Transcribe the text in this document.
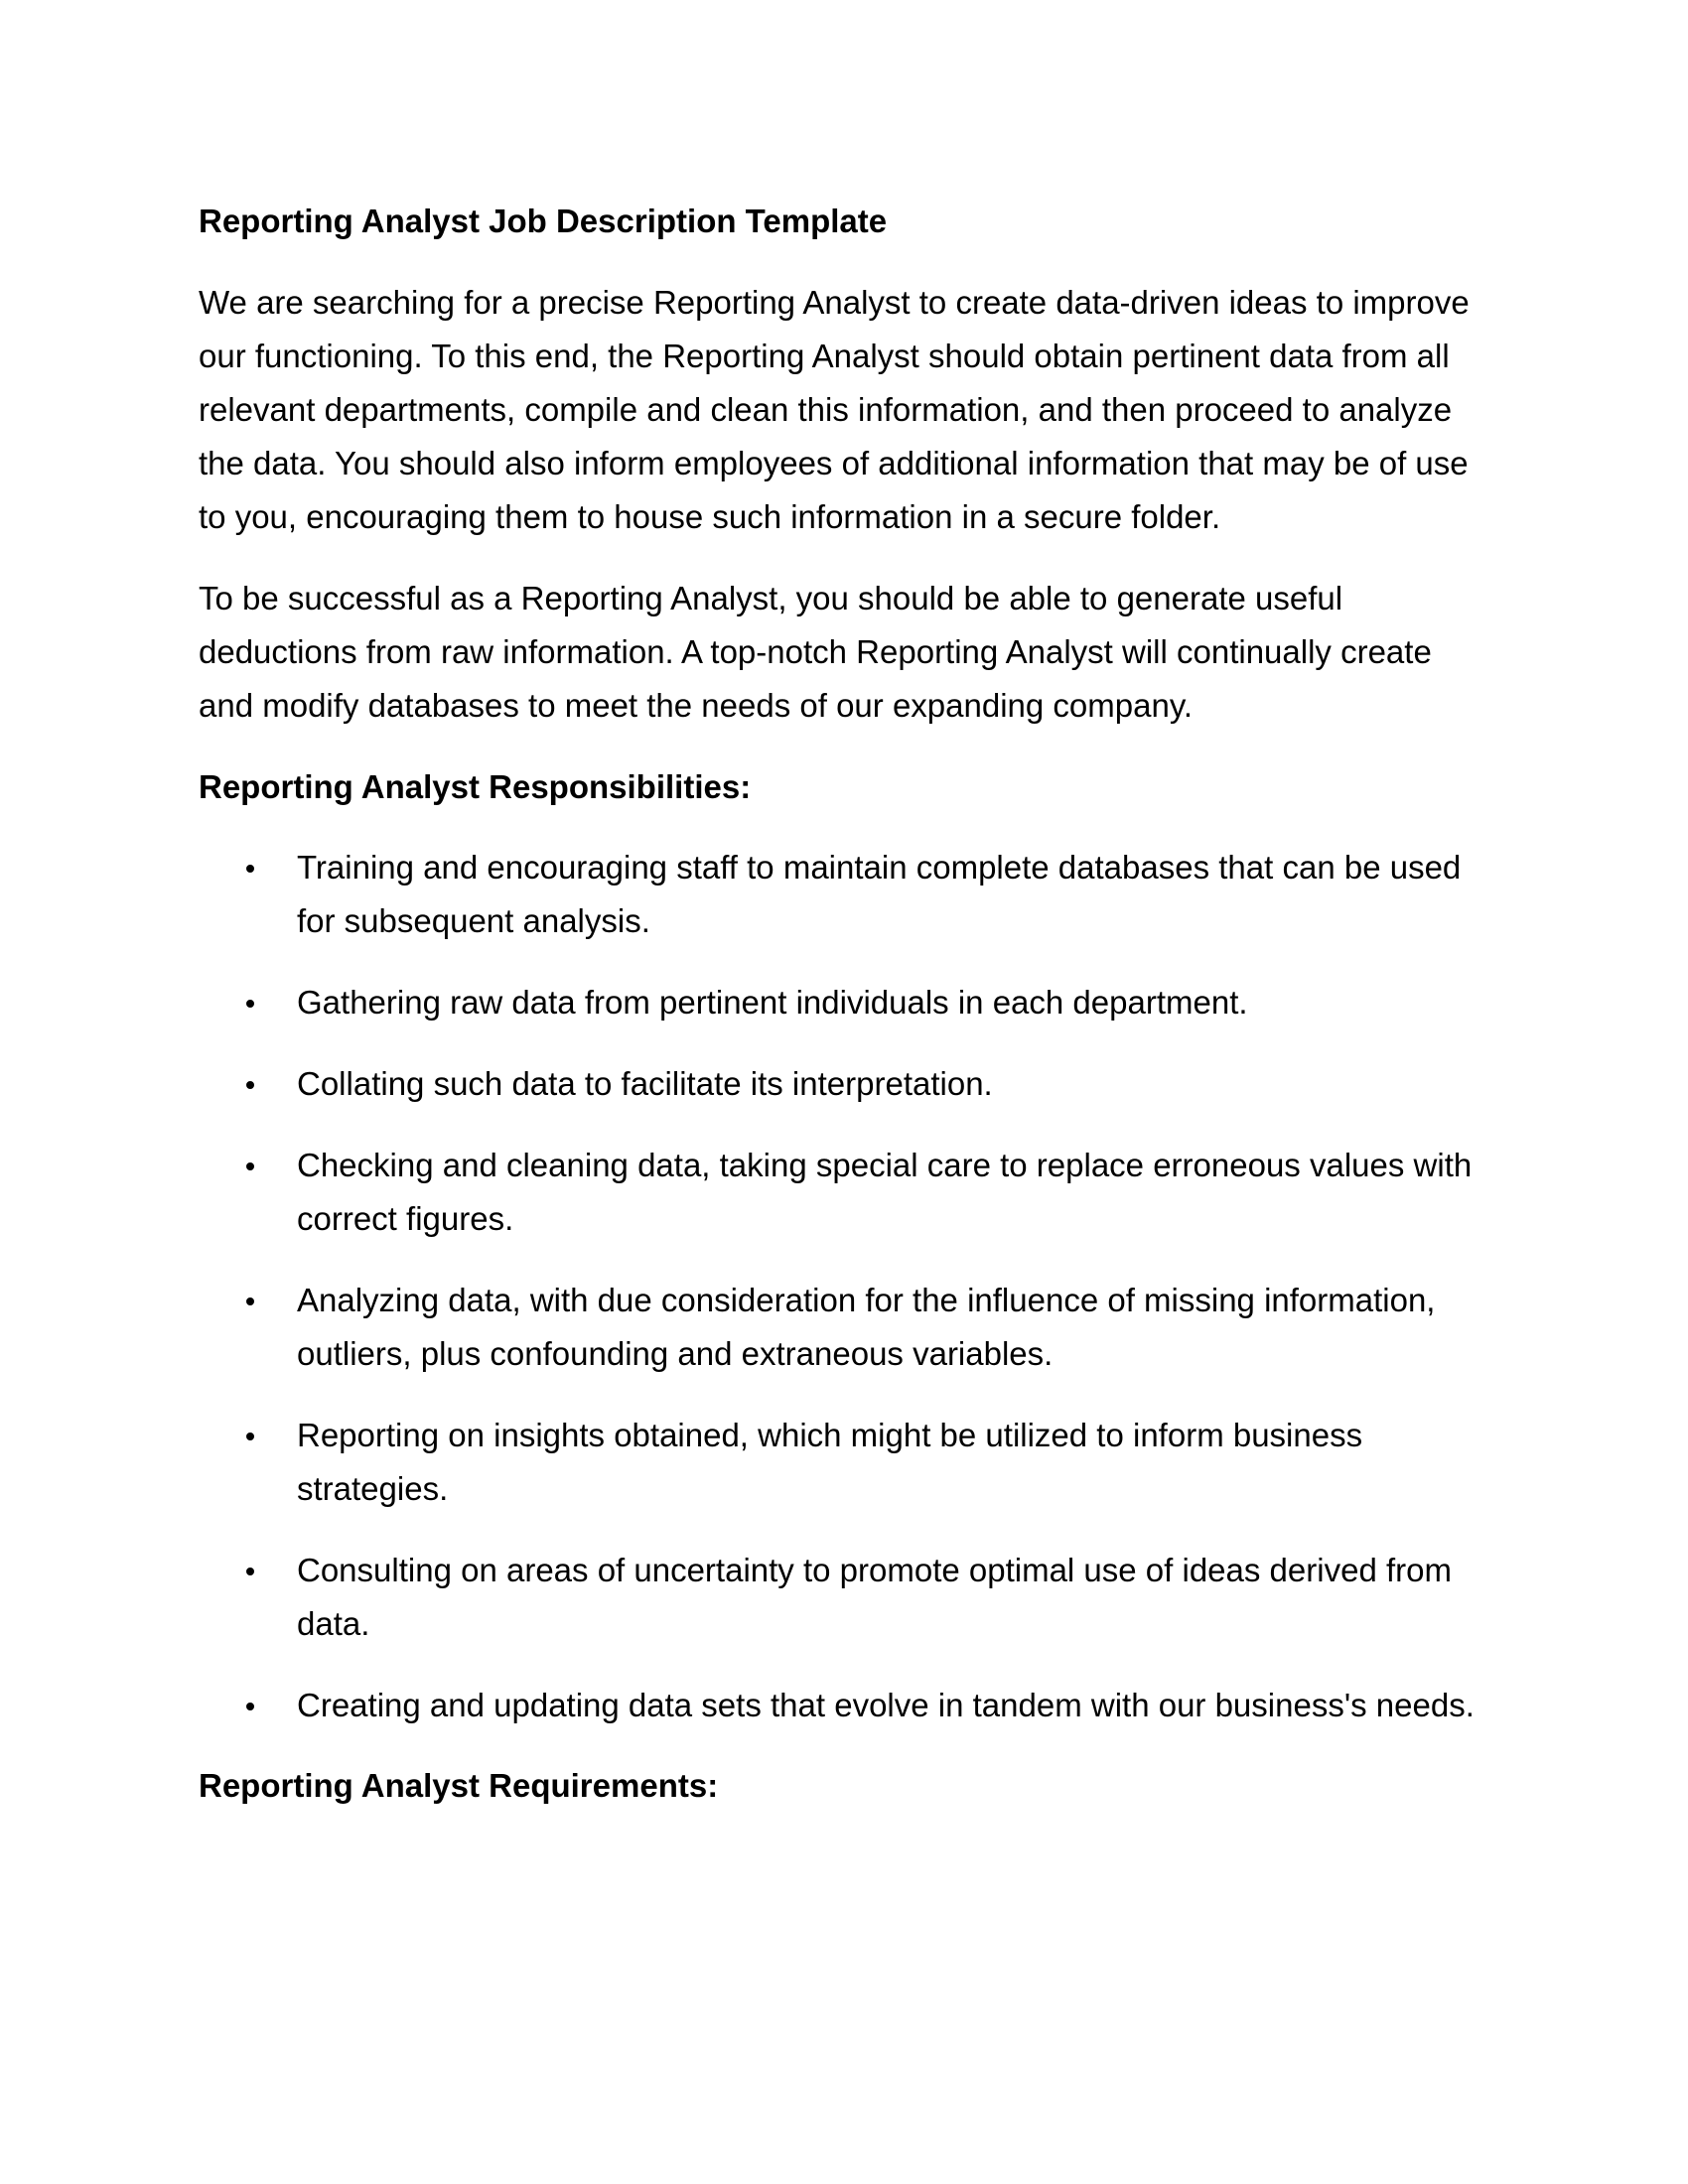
Reporting Analyst Job Description Template

We are searching for a precise Reporting Analyst to create data-driven ideas to improve our functioning. To this end, the Reporting Analyst should obtain pertinent data from all relevant departments, compile and clean this information, and then proceed to analyze the data. You should also inform employees of additional information that may be of use to you, encouraging them to house such information in a secure folder.

To be successful as a Reporting Analyst, you should be able to generate useful deductions from raw information. A top-notch Reporting Analyst will continually create and modify databases to meet the needs of our expanding company.

Reporting Analyst Responsibilities:
Training and encouraging staff to maintain complete databases that can be used for subsequent analysis.
Gathering raw data from pertinent individuals in each department.
Collating such data to facilitate its interpretation.
Checking and cleaning data, taking special care to replace erroneous values with correct figures.
Analyzing data, with due consideration for the influence of missing information, outliers, plus confounding and extraneous variables.
Reporting on insights obtained, which might be utilized to inform business strategies.
Consulting on areas of uncertainty to promote optimal use of ideas derived from data.
Creating and updating data sets that evolve in tandem with our business's needs.
Reporting Analyst Requirements:
